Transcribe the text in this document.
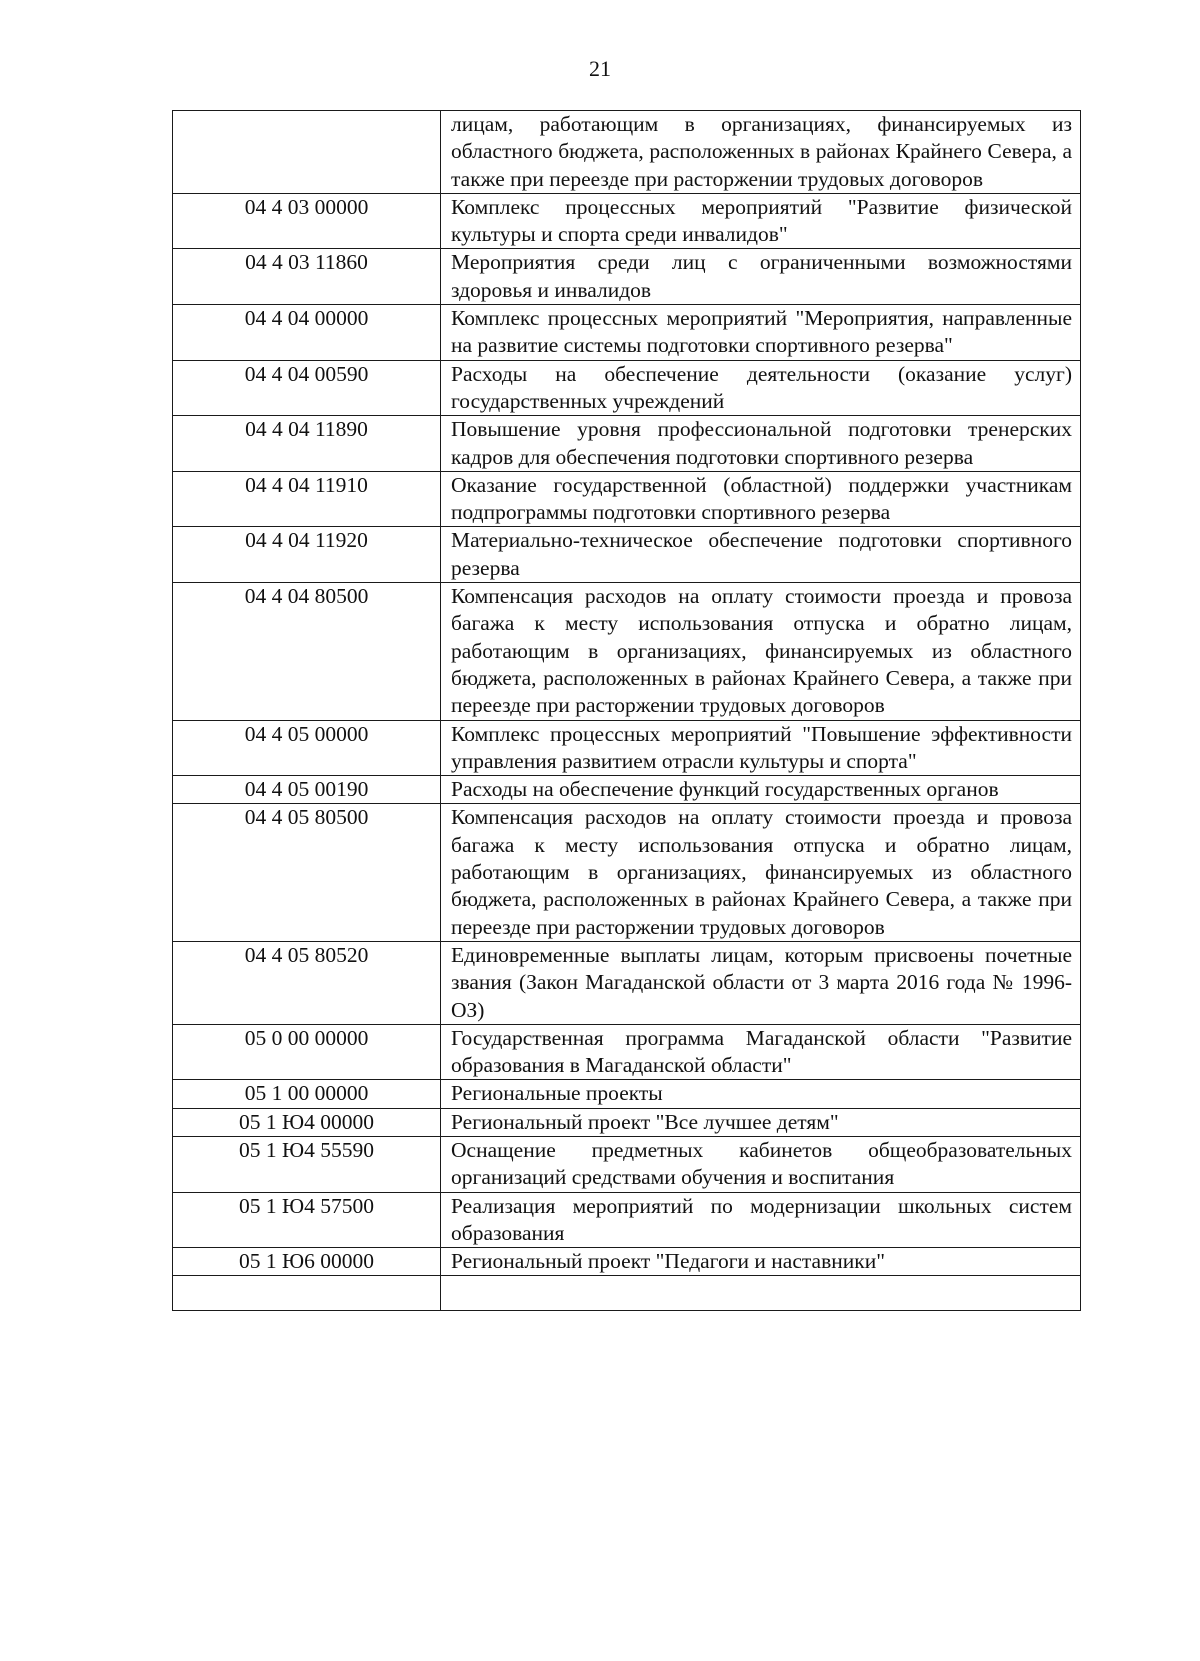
21
	лицам, работающим в организациях, финансируемых из областного бюджета, расположенных в районах Крайнего Севера, а также при переезде при расторжении трудовых договоров
04 4 03 00000	Комплекс процессных мероприятий "Развитие физической культуры и спорта среди инвалидов"
04 4 03 11860	Мероприятия среди лиц с ограниченными возможностями здоровья и инвалидов
04 4 04 00000	Комплекс процессных мероприятий "Мероприятия, направленные на развитие системы подготовки спортивного резерва"
04 4 04 00590	Расходы на обеспечение деятельности (оказание услуг) государственных учреждений
04 4 04 11890	Повышение уровня профессиональной подготовки тренерских кадров для обеспечения подготовки спортивного резерва
04 4 04 11910	Оказание государственной (областной) поддержки участникам подпрограммы подготовки спортивного резерва
04 4 04 11920	Материально-техническое обеспечение подготовки спортивного резерва
04 4 04 80500	Компенсация расходов на оплату стоимости проезда и провоза багажа к месту использования отпуска и обратно лицам, работающим в организациях, финансируемых из областного бюджета, расположенных в районах Крайнего Севера, а также при переезде при расторжении трудовых договоров
04 4 05 00000	Комплекс процессных мероприятий "Повышение эффективности управления развитием отрасли культуры и спорта"
04 4 05 00190	Расходы на обеспечение функций государственных органов
04 4 05 80500	Компенсация расходов на оплату стоимости проезда и провоза багажа к месту использования отпуска и обратно лицам, работающим в организациях, финансируемых из областного бюджета, расположенных в районах Крайнего Севера, а также при переезде при расторжении трудовых договоров
04 4 05 80520	Единовременные выплаты лицам, которым присвоены почетные звания (Закон Магаданской области от 3 марта 2016 года № 1996-ОЗ)
05 0 00 00000	Государственная программа Магаданской области "Развитие образования в Магаданской области"
05 1 00 00000	Региональные проекты
05 1 Ю4 00000	Региональный проект "Все лучшее детям"
05 1 Ю4 55590	Оснащение предметных кабинетов общеобразовательных организаций средствами обучения и воспитания
05 1 Ю4 57500	Реализация мероприятий по модернизации школьных систем образования
05 1 Ю6 00000	Региональный проект "Педагоги и наставники"
